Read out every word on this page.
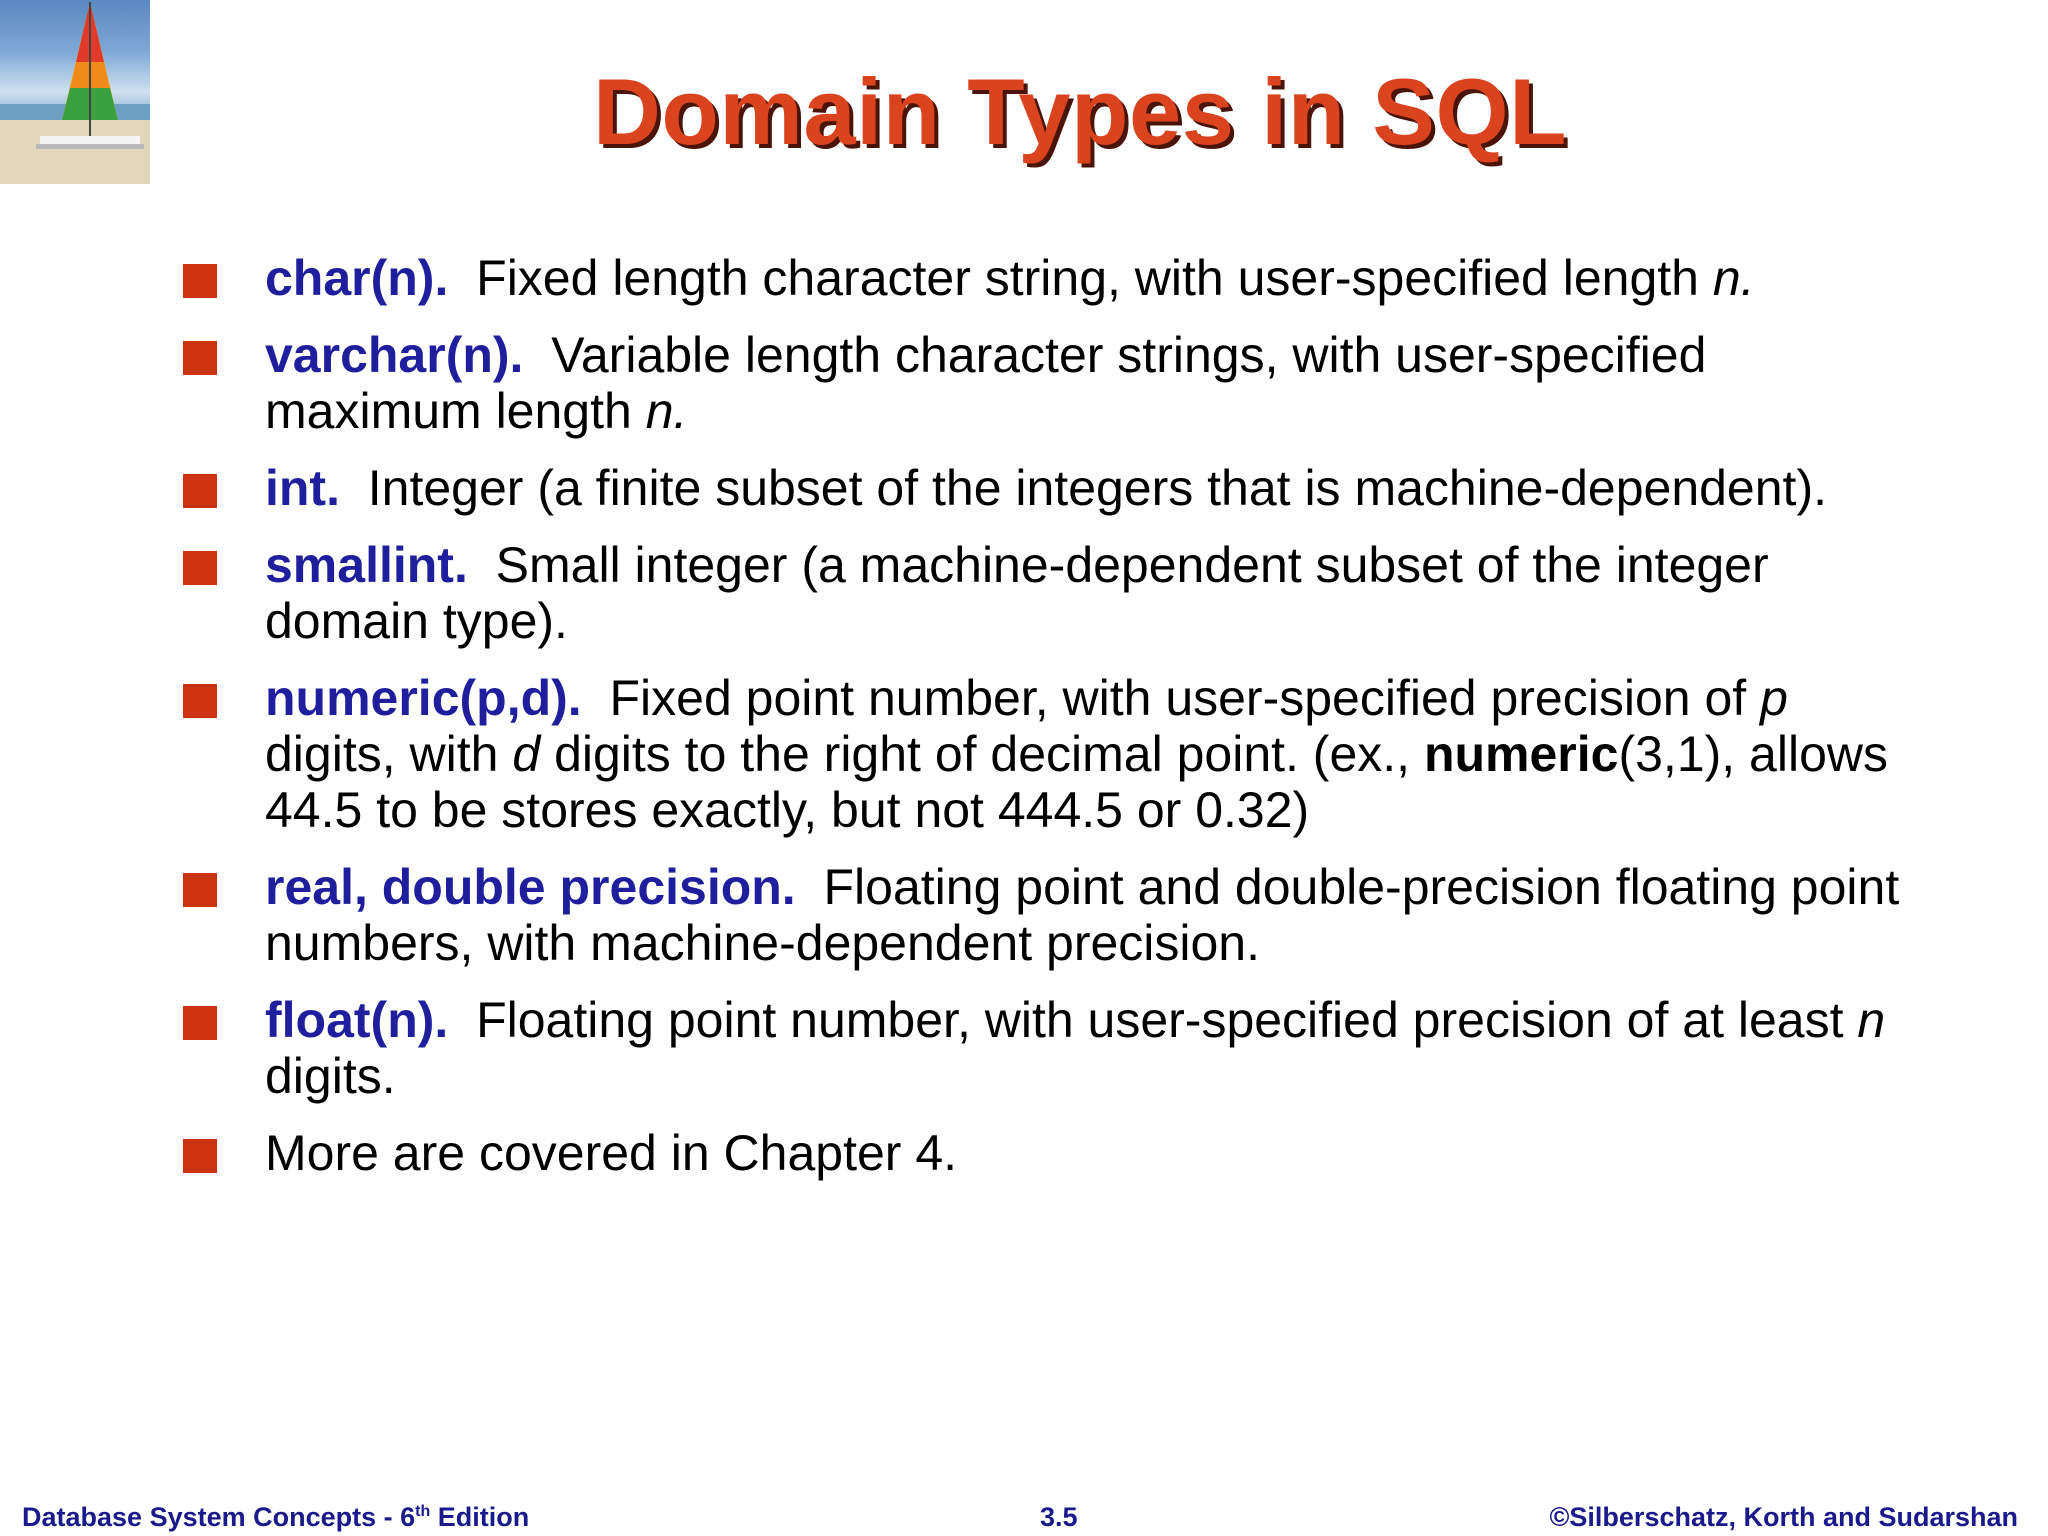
Domain Types in SQL
char(n). Fixed length character string, with user-specified length n.
varchar(n). Variable length character strings, with user-specified maximum length n.
int. Integer (a finite subset of the integers that is machine-dependent).
smallint. Small integer (a machine-dependent subset of the integer domain type).
numeric(p,d). Fixed point number, with user-specified precision of p digits, with d digits to the right of decimal point. (ex., numeric(3,1), allows 44.5 to be stores exactly, but not 444.5 or 0.32)
real, double precision. Floating point and double-precision floating point numbers, with machine-dependent precision.
float(n). Floating point number, with user-specified precision of at least n digits.
More are covered in Chapter 4.
Database System Concepts - 6th Edition	3.5	©Silberschatz, Korth and Sudarshan
